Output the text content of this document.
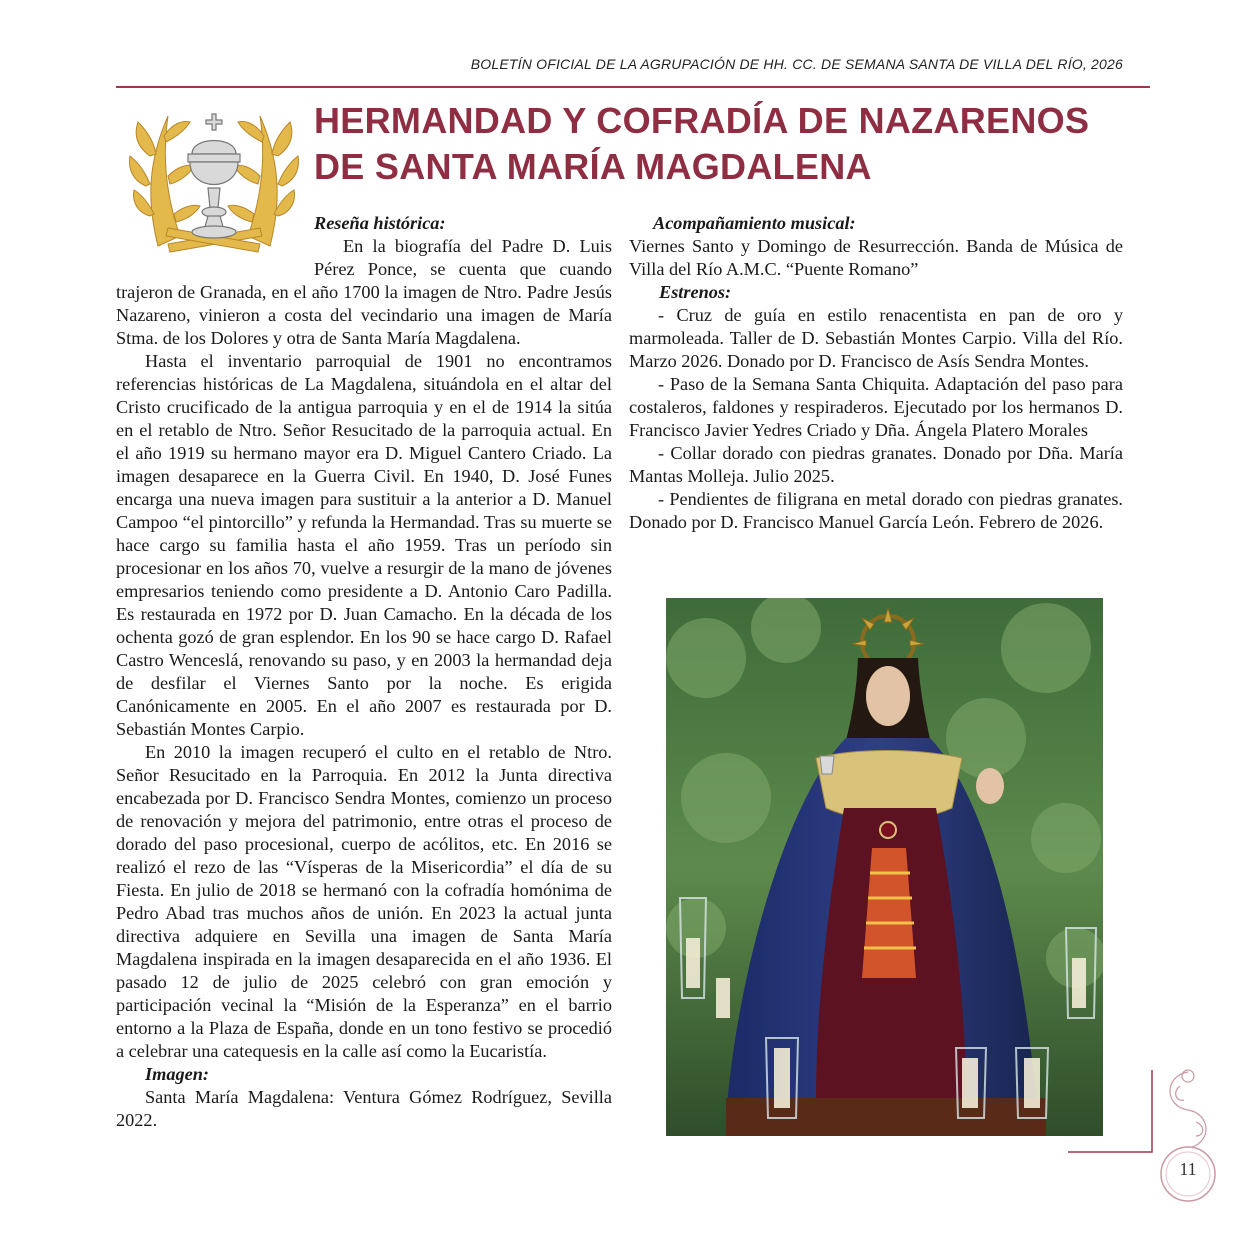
BOLETÍN OFICIAL DE LA AGRUPACIÓN DE HH. CC. DE SEMANA SANTA DE VILLA DEL RÍO, 2026
HERMANDAD Y COFRADÍA DE NAZARENOS
DE SANTA MARÍA MAGDALENA

Reseña histórica:

En la biografía del Padre D. Luis Pérez Ponce, se cuenta que cuando trajeron de Granada, en el año 1700 la imagen de Ntro. Padre Jesús Nazareno, vinieron a costa del vecindario una imagen de María Stma. de los Dolores y otra de Santa María Magdalena.

Hasta el inventario parroquial de 1901 no encontramos referencias históricas de La Magdalena, situándola en el altar del Cristo crucificado de la antigua parroquia y en el de 1914 la sitúa en el retablo de Ntro. Señor Resucitado de la parroquia actual. En el año 1919 su hermano mayor era D. Miguel Cantero Criado. La imagen desaparece en la Guerra Civil. En 1940, D. José Funes encarga una nueva imagen para sustituir a la anterior a D. Manuel Campoo “el pintorcillo” y refunda la Hermandad. Tras su muerte se hace cargo su familia hasta el año 1959. Tras un período sin procesionar en los años 70, vuelve a resurgir de la mano de jóvenes empresarios teniendo como presidente a D. Antonio Caro Padilla. Es restaurada en 1972 por D. Juan Camacho. En la década de los ochenta gozó de gran esplendor. En los 90 se hace cargo D. Rafael Castro Wenceslá, renovando su paso, y en 2003 la hermandad deja de desfilar el Viernes Santo por la noche. Es erigida Canónicamente en 2005. En el año 2007 es restaurada por D. Sebastián Montes Carpio.

En 2010 la imagen recuperó el culto en el retablo de Ntro. Señor Resucitado en la Parroquia. En 2012 la Junta directiva encabezada por D. Francisco Sendra Montes, comienzo un proceso de renovación y mejora del patrimonio, entre otras el proceso de dorado del paso procesional, cuerpo de acólitos, etc. En 2016 se realizó el rezo de las “Vísperas de la Misericordia” el día de su Fiesta. En julio de 2018 se hermanó con la cofradía homónima de Pedro Abad tras muchos años de unión. En 2023 la actual junta directiva adquiere en Sevilla una imagen de Santa María Magdalena inspirada en la imagen desaparecida en el año 1936. El pasado 12 de julio de 2025 celebró con gran emoción y participación vecinal la “Misión de la Esperanza” en el barrio entorno a la Plaza de España, donde en un tono festivo se procedió a celebrar una catequesis en la calle así como la Eucaristía.

Imagen:

Santa María Magdalena: Ventura Gómez Rodríguez, Sevilla 2022.

Acompañamiento musical:

Viernes Santo y Domingo de Resurrección. Banda de Música de Villa del Río A.M.C. “Puente Romano”

Estrenos:

- Cruz de guía en estilo renacentista en pan de oro y marmoleada. Taller de D. Sebastián Montes Carpio. Villa del Río. Marzo 2026. Donado por D. Francisco de Asís Sendra Montes.

- Paso de la Semana Santa Chiquita. Adaptación del paso para costaleros, faldones y respiraderos. Ejecutado por los hermanos D. Francisco Javier Yedres Criado y Dña. Ángela Platero Morales

- Collar dorado con piedras granates. Donado por Dña. María Mantas Molleja. Julio 2025.

- Pendientes de filigrana en metal dorado con piedras granates. Donado por D. Francisco Manuel García León. Febrero de 2026.

11
